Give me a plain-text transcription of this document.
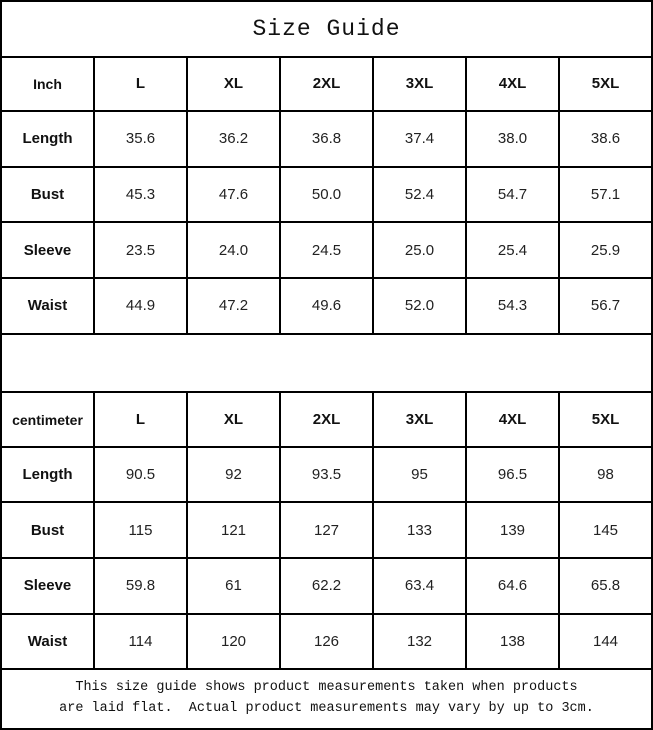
Size Guide						
Inch	L	XL	2XL	3XL	4XL	5XL
Length	35.6	36.2	36.8	37.4	38.0	38.6
Bust	45.3	47.6	50.0	52.4	54.7	57.1
Sleeve	23.5	24.0	24.5	25.0	25.4	25.9
Waist	44.9	47.2	49.6	52.0	54.3	56.7

centimeter	L	XL	2XL	3XL	4XL	5XL
Length	90.5	92	93.5	95	96.5	98
Bust	115	121	127	133	139	145
Sleeve	59.8	61	62.2	63.4	64.6	65.8
Waist	114	120	126	132	138	144

This size guide shows product measurements taken when products
are laid flat.  Actual product measurements may vary by up to 3cm.						
